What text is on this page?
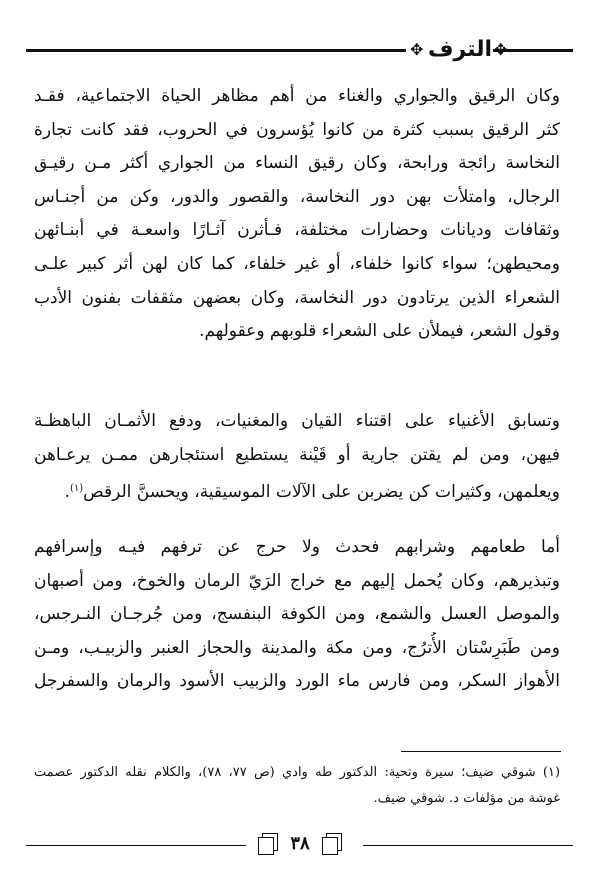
✥ الترف ✥
وكان الرقيق والجواري والغناء من أهم مظاهر الحياة الاجتماعية، فقـد
كثر الرقيق بسبب كثرة من كانوا يُؤسرون في الحروب، فقد كانت تجارة
النخاسة رائجة ورابحة، وكان رقيق النساء من الجواري أكثر مـن رقيـق
الرجال، وامتلأت بهن دور النخاسة، والقصور والدور، وكن من أجنـاس
وثقافات وديانات وحضارات مختلفة، فـأثرن آثـارًا واسعـة في أبنـائهن
ومحيطهن؛ سواء كانوا خلفاء، أو غير خلفاء، كما كان لهن أثر كبير علـى
الشعراء الذين يرتادون دور النخاسة، وكان بعضهن مثقفات بفنون الأدب
وقول الشعر، فيملأن على الشعراء قلوبهم وعقولهم.
وتسابق الأغنياء على اقتناء القيان والمغنيات، ودفع الأثمـان الباهظـة
فيهن، ومن لم يقتن جارية أو قَيْنة يستطيع استئجارهن ممـن يرعـاهن
ويعلمهن، وكثيرات كن يضربن على الآلات الموسيقية، ويحسنَّ الرقص$^{(١)}$.
أما طعامهم وشرابهم فحدث ولا حرج عن ترفهم فيـه وإسرافهم
وتبذيرهم، وكان يُحمل إليهم مع خراج الرَيّ الرمان والخوخ، ومن أصبهان
والموصل العسل والشمع، ومن الكوفة البنفسج، ومن جُرجـان النـرجس،
ومن طَبَرِسْتان الأُترُج، ومن مكة والمدينة والحجاز العنبر والزبيـب، ومـن
الأهواز السكر، ومن فارس ماء الورد والزبيب الأسود والرمان والسفرجل
(١) شوقي ضيف؛ سيرة وتحية: الدكتور طه وادي (ص ٧٧، ٧٨)، والكلام نقله الدكتور عصمت
غوشة من مؤلفات د. شوقي ضيف.
٣٨
